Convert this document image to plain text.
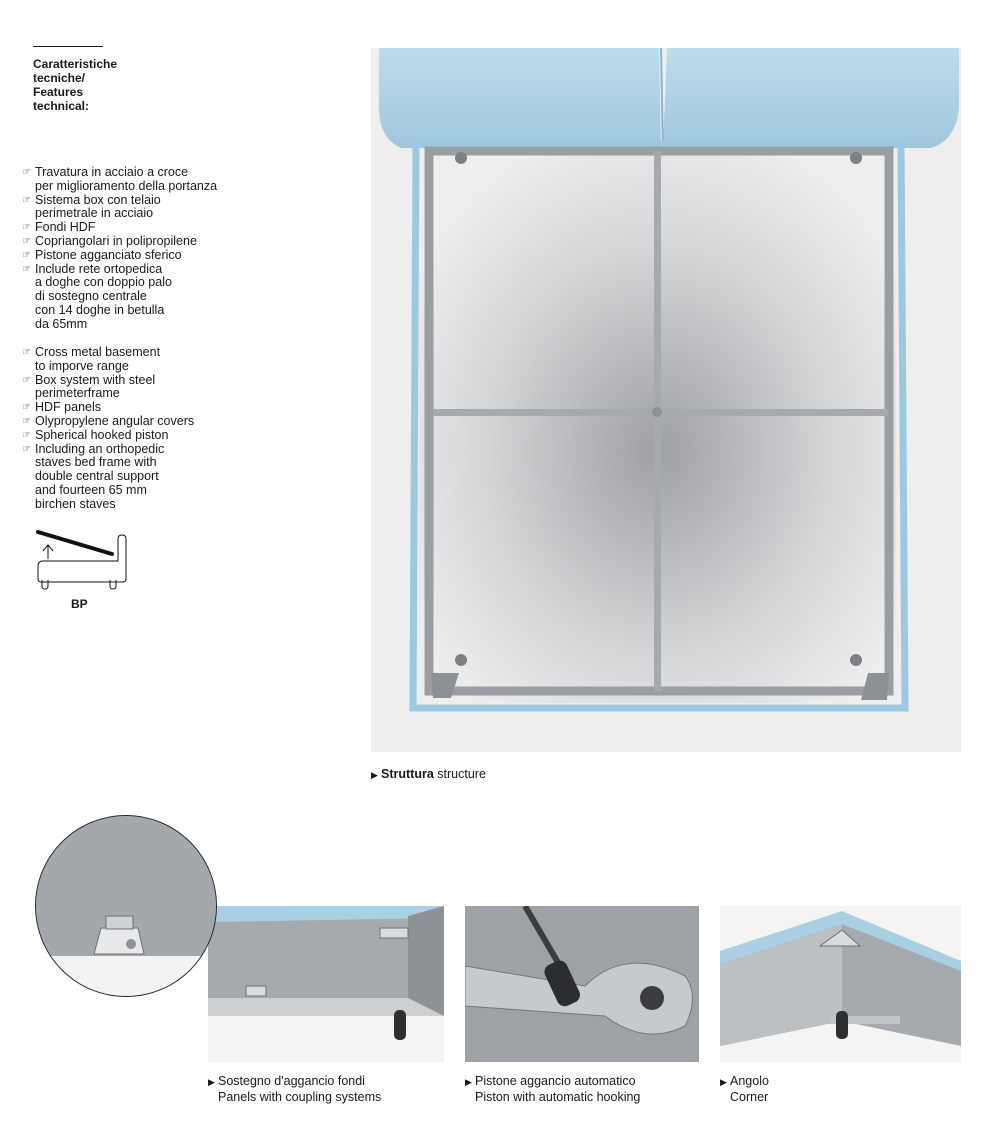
Caratteristiche
tecniche/
Features
technical:
☞ Travatura in acciaio a croce
per miglioramento della portanza
☞ Sistema box con telaio
perimetrale in acciaio
☞ Fondi HDF
☞ Copriangolari in polipropilene
☞ Pistone agganciato sferico
☞ Include rete ortopedica
a doghe con doppio palo
di sostegno centrale
con 14 doghe in betulla
da 65mm
☞ Cross metal basement
to imporve range
☞ Box system with steel
perimeterframe
☞ HDF panels
☞ Olypropylene angular covers
☞ Spherical hooked piston
☞ Including an orthopedic
staves bed frame with
double central support
and fourteen 65 mm
birchen staves
BP
▶ Struttura structure
▶ Sostegno d'aggancio fondi
Panels with coupling systems
▶ Pistone aggancio automatico
Piston with automatic hooking
▶ Angolo
Corner
